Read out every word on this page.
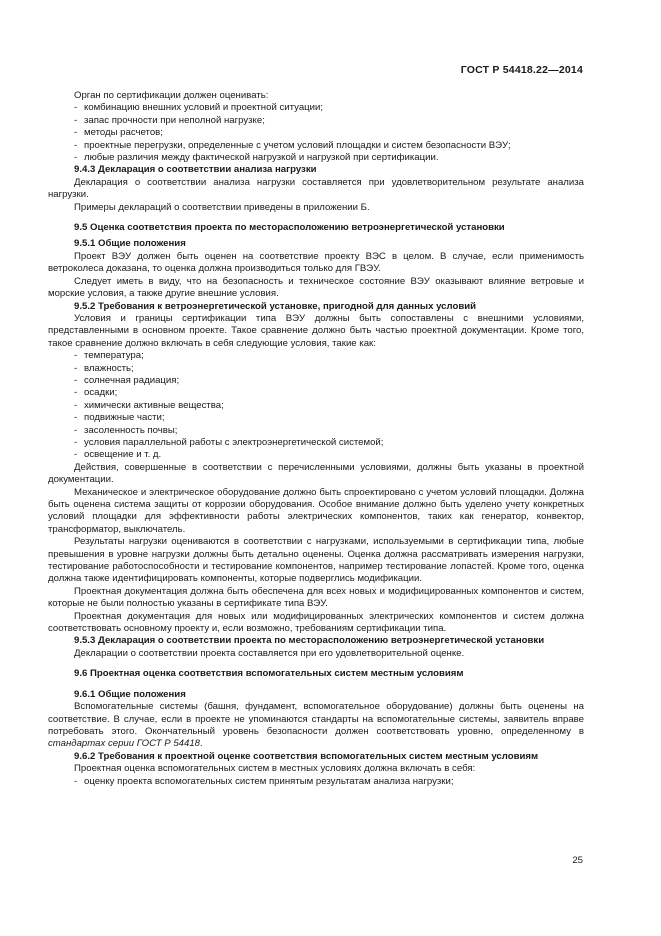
ГОСТ Р 54418.22—2014

Орган по сертификации должен оценивать:

- комбинацию внешних условий и проектной ситуации;
- запас прочности при неполной нагрузке;
- методы расчетов;
- проектные перегрузки, определенные с учетом условий площадки и систем безопасности ВЭУ;
- любые различия между фактической нагрузкой и нагрузкой при сертификации.

9.4.3 Декларация о соответствии анализа нагрузки

Декларация о соответствии анализа нагрузки составляется при удовлетворительном результате анализа нагрузки.

Примеры деклараций о соответствии приведены в приложении Б.

9.5 Оценка соответствия проекта по месторасположению ветроэнергетической установки

9.5.1 Общие положения

Проект ВЭУ должен быть оценен на соответствие проекту ВЭС в целом. В случае, если применимость ветроколеса доказана, то оценка должна производиться только для ГВЭУ.

Следует иметь в виду, что на безопасность и техническое состояние ВЭУ оказывают влияние ветровые и морские условия, а также другие внешние условия.

9.5.2 Требования к ветроэнергетической установке, пригодной для данных условий

Условия и границы сертификации типа ВЭУ должны быть сопоставлены с внешними условиями, представленными в основном проекте. Такое сравнение должно быть частью проектной документации. Кроме того, такое сравнение должно включать в себя следующие условия, такие как:

- температура;
- влажность;
- солнечная радиация;
- осадки;
- химически активные вещества;
- подвижные части;
- засоленность почвы;
- условия параллельной работы с электроэнергетической системой;
- освещение и т. д.

Действия, совершенные в соответствии с перечисленными условиями, должны быть указаны в проектной документации.

Механическое и электрическое оборудование должно быть спроектировано с учетом условий площадки. Должна быть оценена система защиты от коррозии оборудования. Особое внимание должно быть уделено учету конкретных условий площадки для эффективности работы электрических компонентов, таких как генератор, конвектор, трансформатор, выключатель.

Результаты нагрузки оцениваются в соответствии с нагрузками, используемыми в сертификации типа, любые превышения в уровне нагрузки должны быть детально оценены. Оценка должна рассматривать измерения нагрузки, тестирование работоспособности и тестирование компонентов, например тестирование лопастей. Кроме того, оценка должна также идентифицировать компоненты, которые подверглись модификации.

Проектная документация должна быть обеспечена для всех новых и модифицированных компонентов и систем, которые не были полностью указаны в сертификате типа ВЭУ.

Проектная документация для новых или модифицированных электрических компонентов и систем должна соответствовать основному проекту и, если возможно, требованиям сертификации типа.

9.5.3 Декларация о соответствии проекта по месторасположению ветроэнергетической установки

Декларации о соответствии проекта составляется при его удовлетворительной оценке.

9.6 Проектная оценка соответствия вспомогательных систем местным условиям

9.6.1 Общие положения

Вспомогательные системы (башня, фундамент, вспомогательное оборудование) должны быть оценены на соответствие. В случае, если в проекте не упоминаются стандарты на вспомогательные системы, заявитель вправе потребовать этого. Окончательный уровень безопасности должен соответствовать уровню, определенному в стандартах серии ГОСТ Р 54418.

9.6.2 Требования к проектной оценке соответствия вспомогательных систем местным условиям

Проектная оценка вспомогательных систем в местных условиях должна включать в себя:

- оценку проекта вспомогательных систем принятым результатам анализа нагрузки;
25
